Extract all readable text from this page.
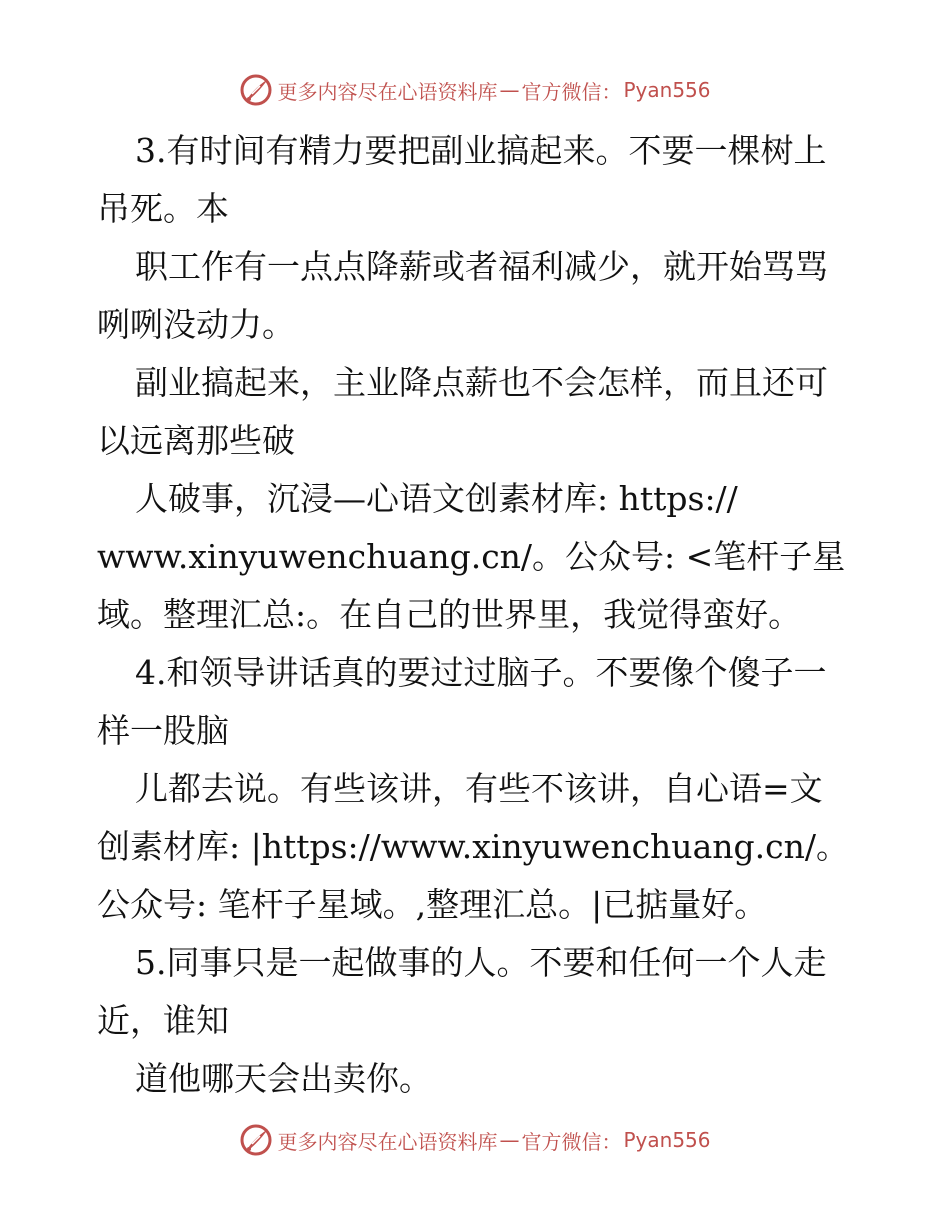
更多内容尽在心语资料库 — 官方微信： Pyan556
3.有时间有精力要把副业搞起来。不要一棵树上
吊死。本
职工作有一点点降薪或者福利减少，就开始骂骂
咧咧没动力。
副业搞起来，主业降点薪也不会怎样，而且还可
以远离那些破
人破事，沉浸—心语文创素材库: https://
www.xinyuwenchuang.cn/。公众号: <笔杆子星
域。整理汇总:。在自己的世界里，我觉得蛮好。
4.和领导讲话真的要过过脑子。不要像个傻子一
样一股脑
儿都去说。有些该讲，有些不该讲，自心语=文
创素材库: |https://www.xinyuwenchuang.cn/。
公众号: 笔杆子星域。,整理汇总。|已掂量好。
5.同事只是一起做事的人。不要和任何一个人走
近，谁知
道他哪天会出卖你。
更多内容尽在心语资料库 — 官方微信： Pyan556
